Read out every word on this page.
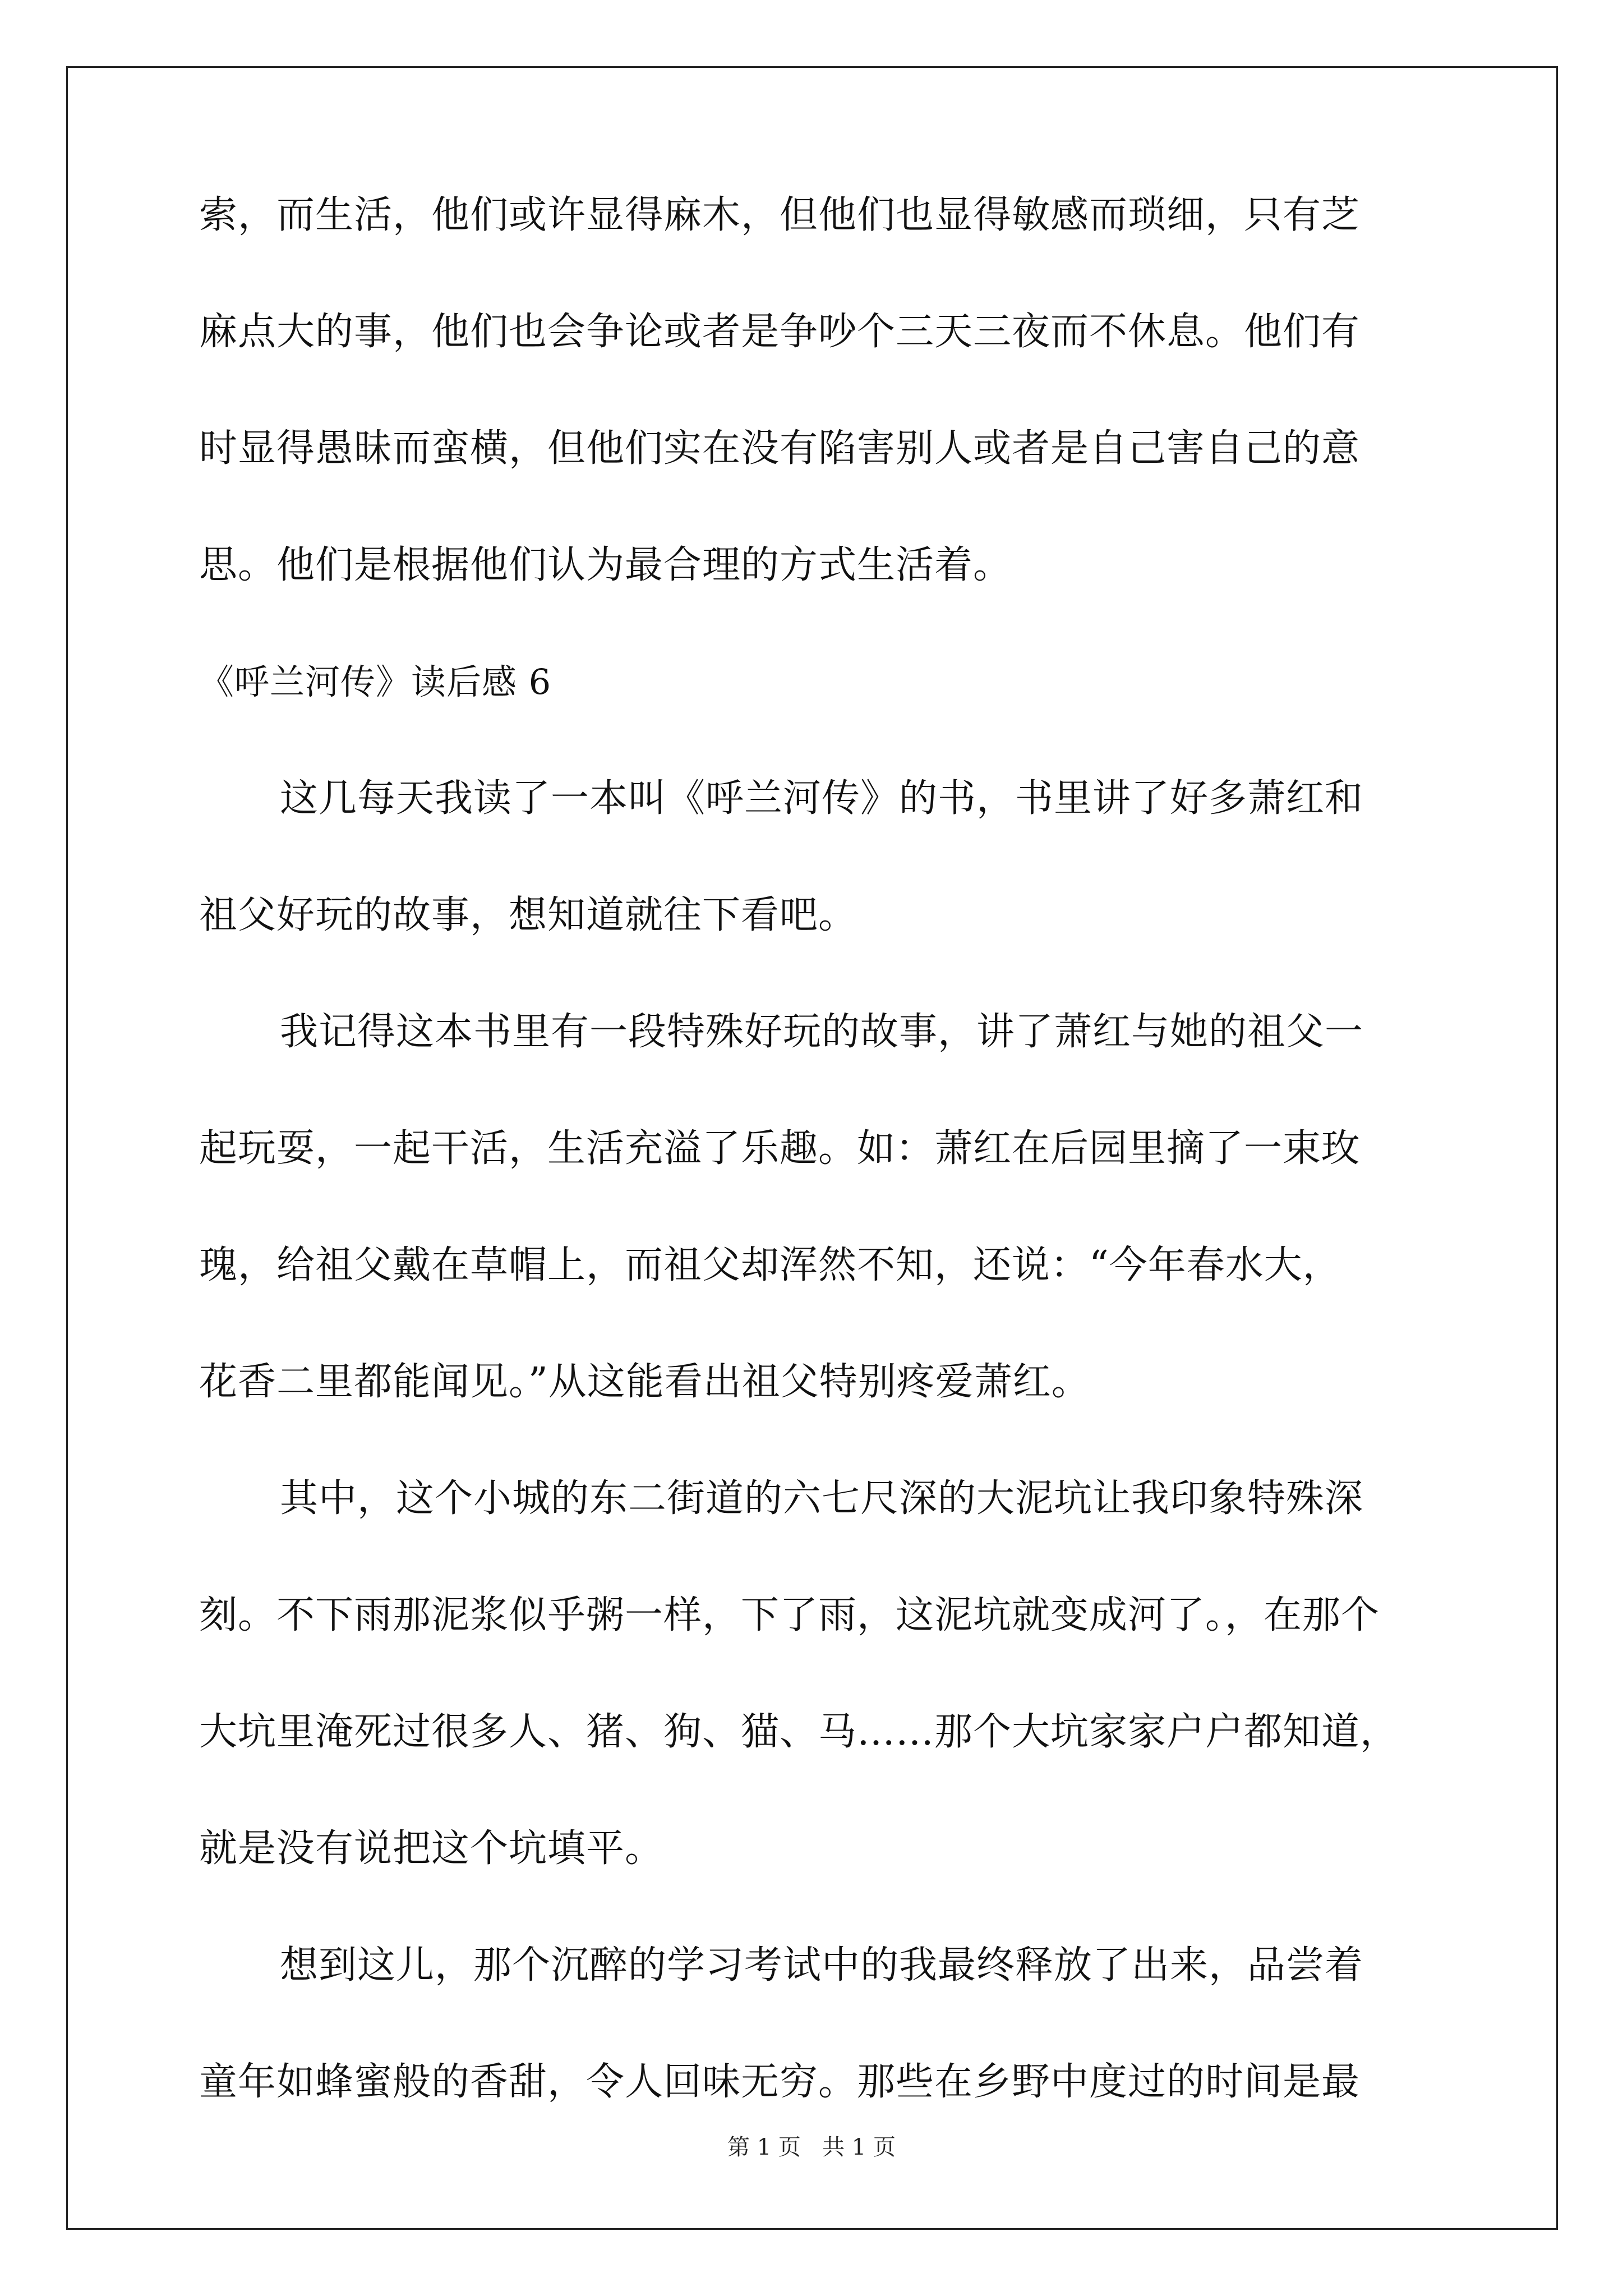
索，而生活，他们或许显得麻木，但他们也显得敏感而琐细，只有芝
麻点大的事，他们也会争论或者是争吵个三天三夜而不休息。他们有
时显得愚昧而蛮横，但他们实在没有陷害别人或者是自己害自己的意
思。他们是根据他们认为最合理的方式生活着。
《呼兰河传》读后感 6
这几每天我读了一本叫《呼兰河传》的书，书里讲了好多萧红和
祖父好玩的故事，想知道就往下看吧。
我记得这本书里有一段特殊好玩的故事，讲了萧红与她的祖父一
起玩耍，一起干活，生活充溢了乐趣。如：萧红在后园里摘了一束玫
瑰，给祖父戴在草帽上，而祖父却浑然不知，还说：“今年春水大，
花香二里都能闻见。”从这能看出祖父特别疼爱萧红。
其中，这个小城的东二街道的六七尺深的大泥坑让我印象特殊深
刻。不下雨那泥浆似乎粥一样，下了雨，这泥坑就变成河了。，在那个
大坑里淹死过很多人、猪、狗、猫、马……那个大坑家家户户都知道，
就是没有说把这个坑填平。
想到这儿，那个沉醉的学习考试中的我最终释放了出来，品尝着
童年如蜂蜜般的香甜，令人回味无穷。那些在乡野中度过的时间是最
第 1 页   共 1 页
